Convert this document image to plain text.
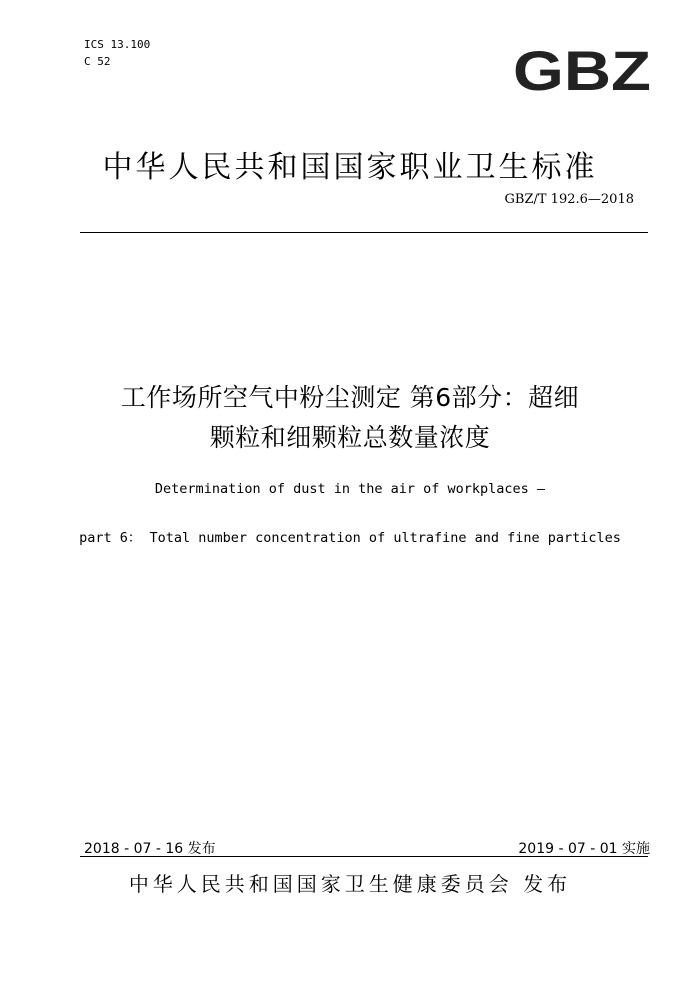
ICS 13.100
C 52	GBZ
中华人民共和国国家职业卫生标准
GBZ/T 192.6—2018
工作场所空气中粉尘测定 第6部分：超细
颗粒和细颗粒总数量浓度
Determination of dust in the air of workplaces —
part 6： Total number concentration of ultrafine and fine particles
2018 - 07 - 16 发布	2019 - 07 - 01 实施
中华人民共和国国家卫生健康委员会 发布
